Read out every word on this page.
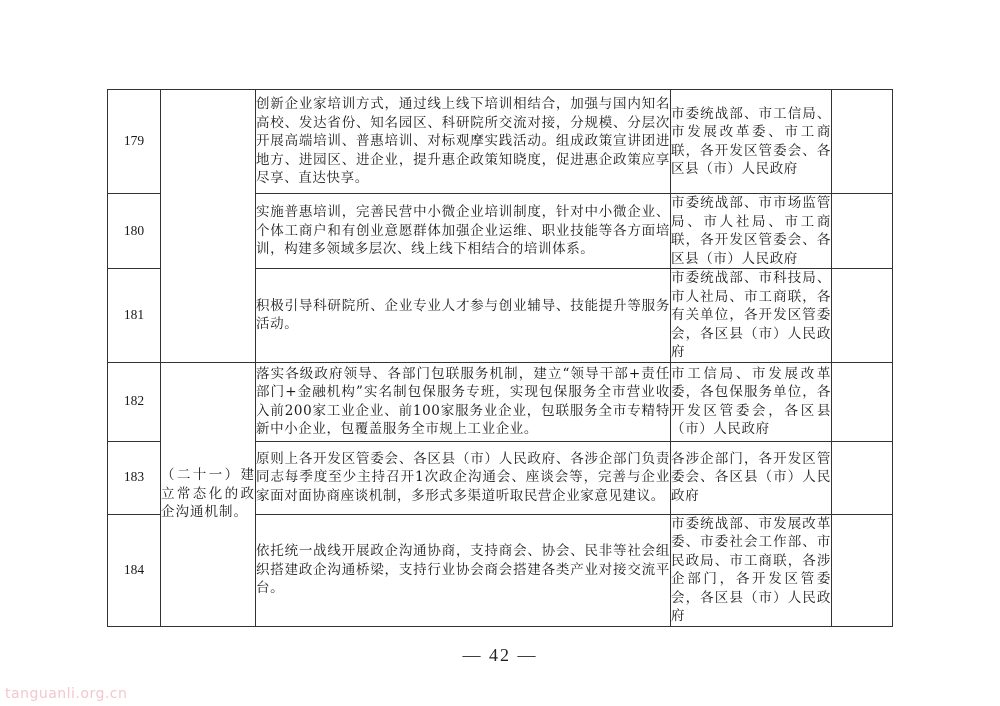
179		创新企业家培训方式，通过线上线下培训相结合，加强与国内知名高校、发达省份、知名园区、科研院所交流对接，分规模、分层次开展高端培训、普惠培训、对标观摩实践活动。组成政策宣讲团进地方、进园区、进企业，提升惠企政策知晓度，促进惠企政策应享尽享、直达快享。	市委统战部、市工信局、市发展改革委、市工商联，各开发区管委会、各区县（市）人民政府	
180		实施普惠培训，完善民营中小微企业培训制度，针对中小微企业、个体工商户和有创业意愿群体加强企业运维、职业技能等各方面培训，构建多领域多层次、线上线下相结合的培训体系。	市委统战部、市市场监管局、市人社局、市工商联，各开发区管委会、各区县（市）人民政府	
181		积极引导科研院所、企业专业人才参与创业辅导、技能提升等服务活动。	市委统战部、市科技局、市人社局、市工商联，各有关单位，各开发区管委会，各区县（市）人民政府	
182	（二十一）建立常态化的政企沟通机制。	落实各级政府领导、各部门包联服务机制，建立“领导干部+责任部门+金融机构”实名制包保服务专班，实现包保服务全市营业收入前200家工业企业、前100家服务业企业，包联服务全市专精特新中小企业，包覆盖服务全市规上工业企业。	市工信局、市发展改革委，各包保服务单位，各开发区管委会，各区县（市）人民政府	
183		原则上各开发区管委会、各区县（市）人民政府、各涉企部门负责同志每季度至少主持召开1次政企沟通会、座谈会等，完善与企业家面对面协商座谈机制，多形式多渠道听取民营企业家意见建议。	各涉企部门，各开发区管委会、各区县（市）人民政府	
184		依托统一战线开展政企沟通协商，支持商会、协会、民非等社会组织搭建政企沟通桥梁，支持行业协会商会搭建各类产业对接交流平台。	市委统战部、市发展改革委、市委社会工作部、市民政局、市工商联，各涉企部门，各开发区管委会，各区县（市）人民政府	
— 42 —
tanguanli.org.cn
